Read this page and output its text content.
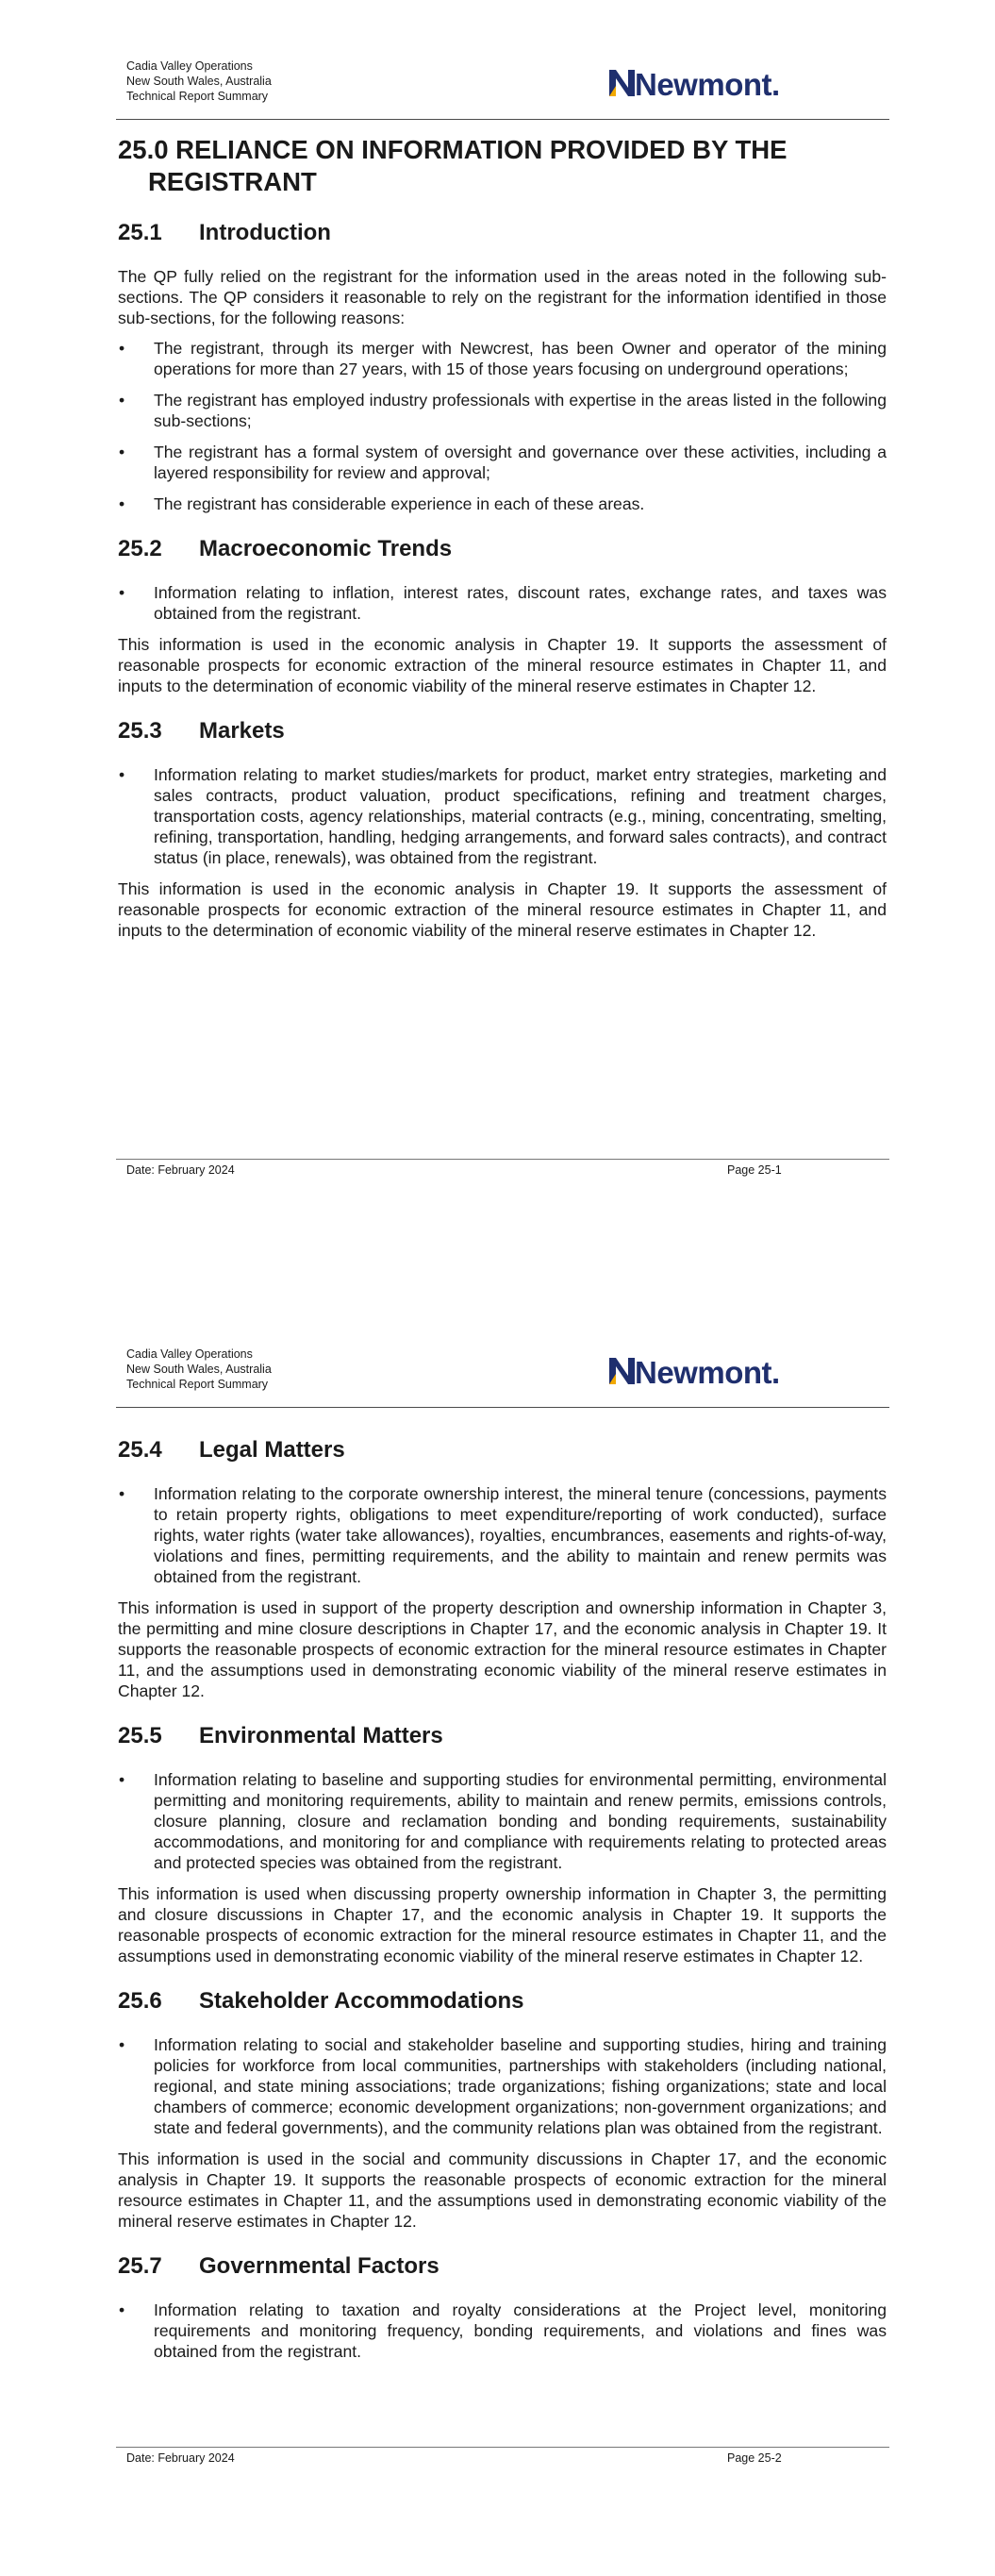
Cadia Valley Operations
New South Wales, Australia
Technical Report Summary	Newmont.
25.0 RELIANCE ON INFORMATION PROVIDED BY THE REGISTRANT
25.1	Introduction

The QP fully relied on the registrant for the information used in the areas noted in the following sub-sections. The QP considers it reasonable to rely on the registrant for the information identified in those sub-sections, for the following reasons:

• The registrant, through its merger with Newcrest, has been Owner and operator of the mining operations for more than 27 years, with 15 of those years focusing on underground operations;
• The registrant has employed industry professionals with expertise in the areas listed in the following sub-sections;
• The registrant has a formal system of oversight and governance over these activities, including a layered responsibility for review and approval;
• The registrant has considerable experience in each of these areas.
25.2	Macroeconomic Trends
• Information relating to inflation, interest rates, discount rates, exchange rates, and taxes was obtained from the registrant.

This information is used in the economic analysis in Chapter 19. It supports the assessment of reasonable prospects for economic extraction of the mineral resource estimates in Chapter 11, and inputs to the determination of economic viability of the mineral reserve estimates in Chapter 12.

25.3	Markets
• Information relating to market studies/markets for product, market entry strategies, marketing and sales contracts, product valuation, product specifications, refining and treatment charges, transportation costs, agency relationships, material contracts (e.g., mining, concentrating, smelting, refining, transportation, handling, hedging arrangements, and forward sales contracts), and contract status (in place, renewals), was obtained from the registrant.

This information is used in the economic analysis in Chapter 19. It supports the assessment of reasonable prospects for economic extraction of the mineral resource estimates in Chapter 11, and inputs to the determination of economic viability of the mineral reserve estimates in Chapter 12.

Date: February 2024	Page 25-1
Cadia Valley Operations
New South Wales, Australia
Technical Report Summary	Newmont.
25.4	Legal Matters
• Information relating to the corporate ownership interest, the mineral tenure (concessions, payments to retain property rights, obligations to meet expenditure/reporting of work conducted), surface rights, water rights (water take allowances), royalties, encumbrances, easements and rights-of-way, violations and fines, permitting requirements, and the ability to maintain and renew permits was obtained from the registrant.

This information is used in support of the property description and ownership information in Chapter 3, the permitting and mine closure descriptions in Chapter 17, and the economic analysis in Chapter 19. It supports the reasonable prospects of economic extraction for the mineral resource estimates in Chapter 11, and the assumptions used in demonstrating economic viability of the mineral reserve estimates in Chapter 12.

25.5	Environmental Matters
• Information relating to baseline and supporting studies for environmental permitting, environmental permitting and monitoring requirements, ability to maintain and renew permits, emissions controls, closure planning, closure and reclamation bonding and bonding requirements, sustainability accommodations, and monitoring for and compliance with requirements relating to protected areas and protected species was obtained from the registrant.

This information is used when discussing property ownership information in Chapter 3, the permitting and closure discussions in Chapter 17, and the economic analysis in Chapter 19. It supports the reasonable prospects of economic extraction for the mineral resource estimates in Chapter 11, and the assumptions used in demonstrating economic viability of the mineral reserve estimates in Chapter 12.

25.6	Stakeholder Accommodations
• Information relating to social and stakeholder baseline and supporting studies, hiring and training policies for workforce from local communities, partnerships with stakeholders (including national, regional, and state mining associations; trade organizations; fishing organizations; state and local chambers of commerce; economic development organizations; non-government organizations; and state and federal governments), and the community relations plan was obtained from the registrant.

This information is used in the social and community discussions in Chapter 17, and the economic analysis in Chapter 19. It supports the reasonable prospects of economic extraction for the mineral resource estimates in Chapter 11, and the assumptions used in demonstrating economic viability of the mineral reserve estimates in Chapter 12.

25.7	Governmental Factors
• Information relating to taxation and royalty considerations at the Project level, monitoring requirements and monitoring frequency, bonding requirements, and violations and fines was obtained from the registrant.
Date: February 2024	Page 25-2
